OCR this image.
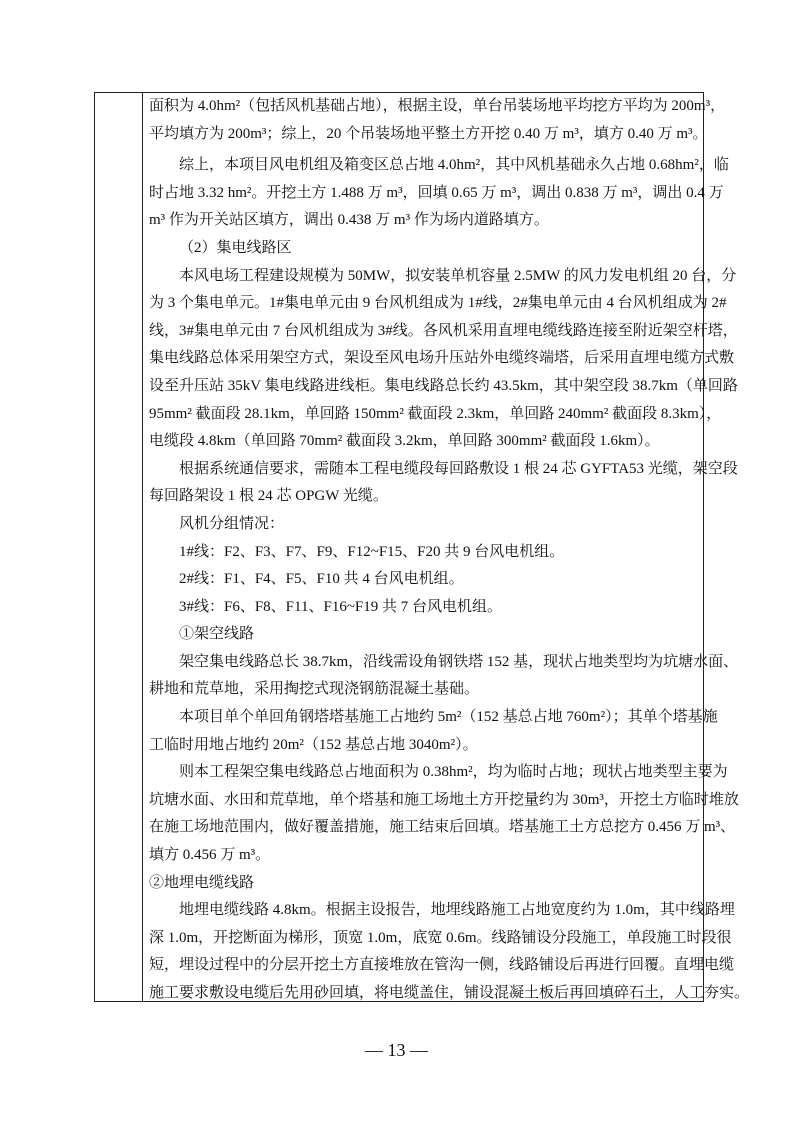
面积为 4.0hm²（包括风机基础占地），根据主设，单台吊装场地平均挖方平均为 200m³，
平均填方为 200m³；综上，20 个吊装场地平整土方开挖 0.40 万 m³，填方 0.40 万 m³。
综上，本项目风电机组及箱变区总占地 4.0hm²，其中风机基础永久占地 0.68hm²，临
时占地 3.32 hm²。开挖土方 1.488 万 m³，回填 0.65 万 m³，调出 0.838 万 m³，调出 0.4 万
m³ 作为开关站区填方，调出 0.438 万 m³ 作为场内道路填方。
（2）集电线路区
本风电场工程建设规模为 50MW，拟安装单机容量 2.5MW 的风力发电机组 20 台，分
为 3 个集电单元。1#集电单元由 9 台风机组成为 1#线，2#集电单元由 4 台风机组成为 2#
线，3#集电单元由 7 台风机组成为 3#线。各风机采用直埋电缆线路连接至附近架空杆塔，
集电线路总体采用架空方式，架设至风电场升压站外电缆终端塔，后采用直埋电缆方式敷
设至升压站 35kV 集电线路进线柜。集电线路总长约 43.5km，其中架空段 38.7km（单回路
95mm² 截面段 28.1km，单回路 150mm² 截面段 2.3km，单回路 240mm² 截面段 8.3km），
电缆段 4.8km（单回路 70mm² 截面段 3.2km，单回路 300mm² 截面段 1.6km）。
根据系统通信要求，需随本工程电缆段每回路敷设 1 根 24 芯 GYFTA53 光缆，架空段
每回路架设 1 根 24 芯 OPGW 光缆。
风机分组情况：
1#线：F2、F3、F7、F9、F12~F15、F20 共 9 台风电机组。
2#线：F1、F4、F5、F10 共 4 台风电机组。
3#线：F6、F8、F11、F16~F19 共 7 台风电机组。
①架空线路
架空集电线路总长 38.7km，沿线需设角钢铁塔 152 基，现状占地类型均为坑塘水面、
耕地和荒草地，采用掏挖式现浇钢筋混凝土基础。
本项目单个单回角钢塔塔基施工占地约 5m²（152 基总占地 760m²）；其单个塔基施
工临时用地占地约 20m²（152 基总占地 3040m²）。
则本工程架空集电线路总占地面积为 0.38hm²，均为临时占地；现状占地类型主要为
坑塘水面、水田和荒草地，单个塔基和施工场地土方开挖量约为 30m³，开挖土方临时堆放
在施工场地范围内，做好覆盖措施，施工结束后回填。塔基施工土方总挖方 0.456 万 m³、
填方 0.456 万 m³。
②地埋电缆线路
地埋电缆线路 4.8km。根据主设报告，地埋线路施工占地宽度约为 1.0m，其中线路埋
深 1.0m，开挖断面为梯形，顶宽 1.0m，底宽 0.6m。线路铺设分段施工，单段施工时段很
短，埋设过程中的分层开挖土方直接堆放在管沟一侧，线路铺设后再进行回覆。直埋电缆
施工要求敷设电缆后先用砂回填，将电缆盖住，铺设混凝土板后再回填碎石土，人工夯实。
— 13 —
